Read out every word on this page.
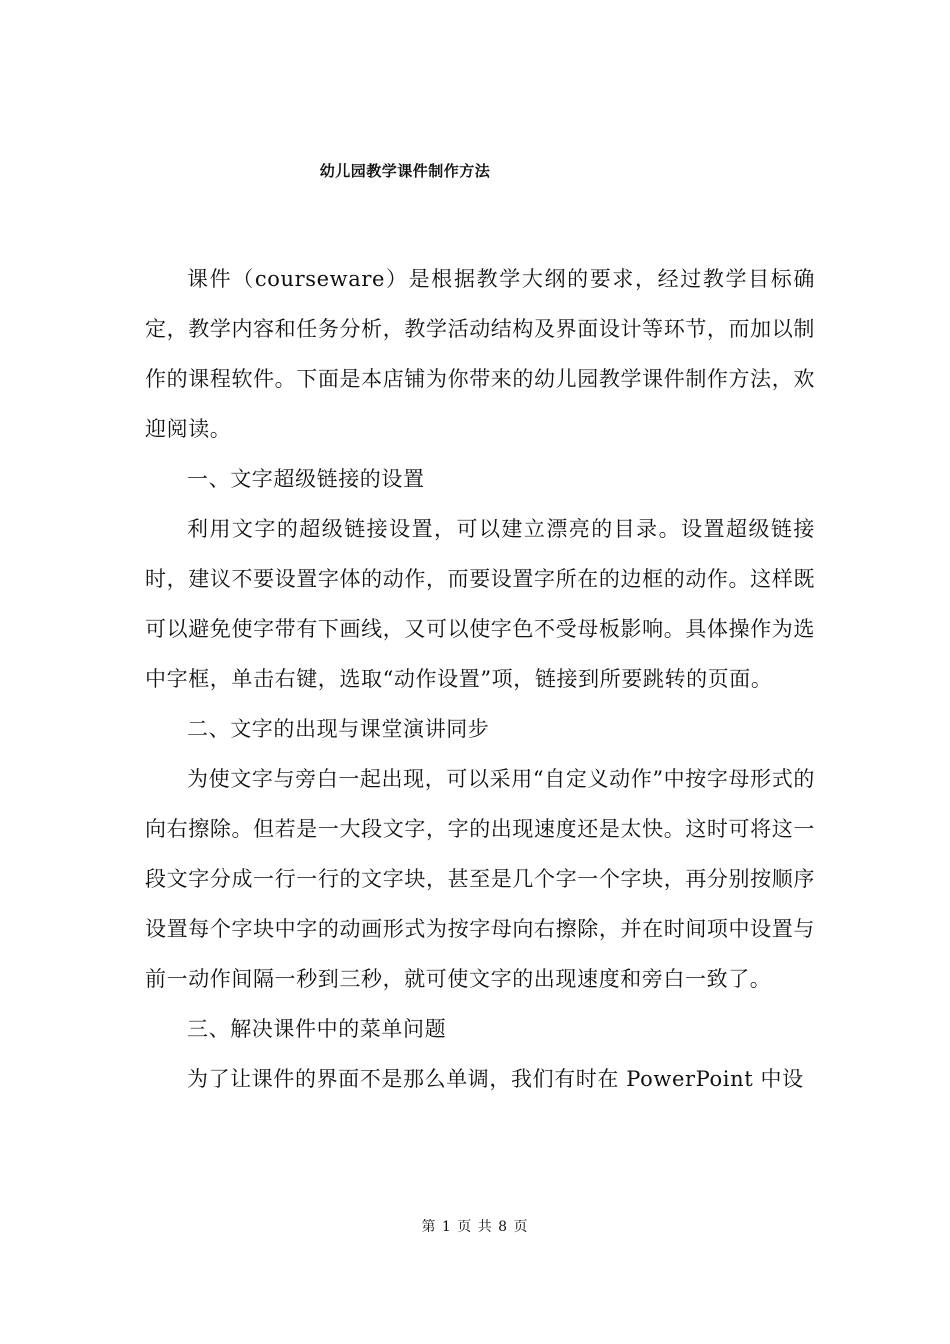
幼儿园教学课件制作方法

课件（courseware）是根据教学大纲的要求，经过教学目标确定，教学内容和任务分析，教学活动结构及界面设计等环节，而加以制作的课程软件。下面是本店铺为你带来的幼儿园教学课件制作方法，欢迎阅读。

一、文字超级链接的设置

利用文字的超级链接设置，可以建立漂亮的目录。设置超级链接时，建议不要设置字体的动作，而要设置字所在的边框的动作。这样既可以避免使字带有下画线，又可以使字色不受母板影响。具体操作为选中字框，单击右键，选取“动作设置”项，链接到所要跳转的页面。

二、文字的出现与课堂演讲同步

为使文字与旁白一起出现，可以采用“自定义动作”中按字母形式的向右擦除。但若是一大段文字，字的出现速度还是太快。这时可将这一段文字分成一行一行的文字块，甚至是几个字一个字块，再分别按顺序设置每个字块中字的动画形式为按字母向右擦除，并在时间项中设置与前一动作间隔一秒到三秒，就可使文字的出现速度和旁白一致了。

三、解决课件中的菜单问题

为了让课件的界面不是那么单调，我们有时在 PowerPoint 中设

第 1 页 共 8 页
